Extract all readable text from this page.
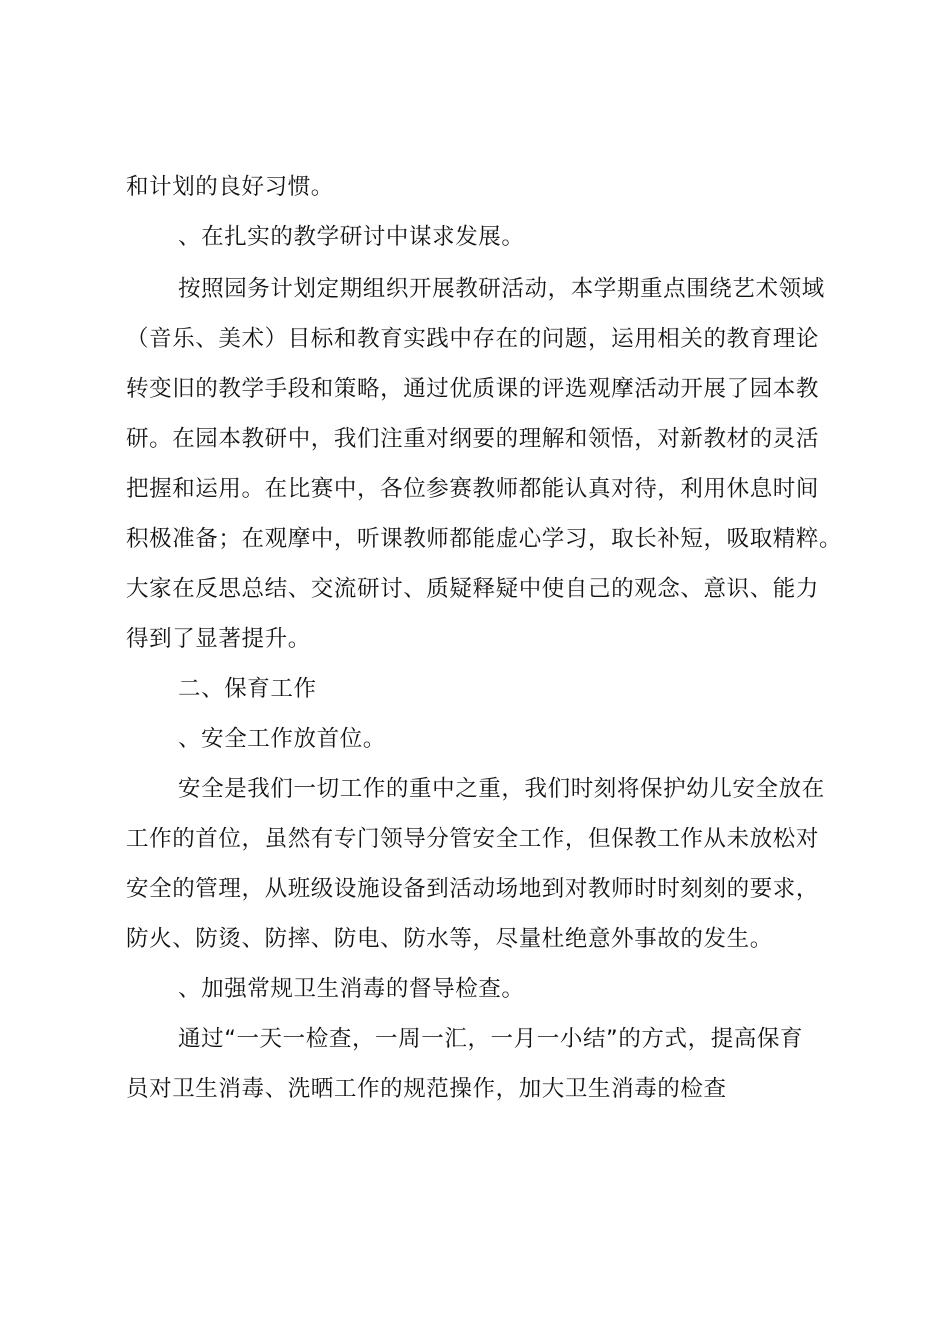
和计划的良好习惯。
、在扎实的教学研讨中谋求发展。
按照园务计划定期组织开展教研活动，本学期重点围绕艺术领域
（音乐、美术）目标和教育实践中存在的问题，运用相关的教育理论
转变旧的教学手段和策略，通过优质课的评选观摩活动开展了园本教
研。在园本教研中，我们注重对纲要的理解和领悟，对新教材的灵活
把握和运用。在比赛中，各位参赛教师都能认真对待，利用休息时间
积极准备；在观摩中，听课教师都能虚心学习，取长补短，吸取精粹。
大家在反思总结、交流研讨、质疑释疑中使自己的观念、意识、能力
得到了显著提升。
二、保育工作
、安全工作放首位。
安全是我们一切工作的重中之重，我们时刻将保护幼儿安全放在
工作的首位，虽然有专门领导分管安全工作，但保教工作从未放松对
安全的管理，从班级设施设备到活动场地到对教师时时刻刻的要求，
防火、防烫、防摔、防电、防水等，尽量杜绝意外事故的发生。
、加强常规卫生消毒的督导检查。
通过“一天一检查，一周一汇，一月一小结”的方式，提高保育
员对卫生消毒、洗晒工作的规范操作，加大卫生消毒的检查
